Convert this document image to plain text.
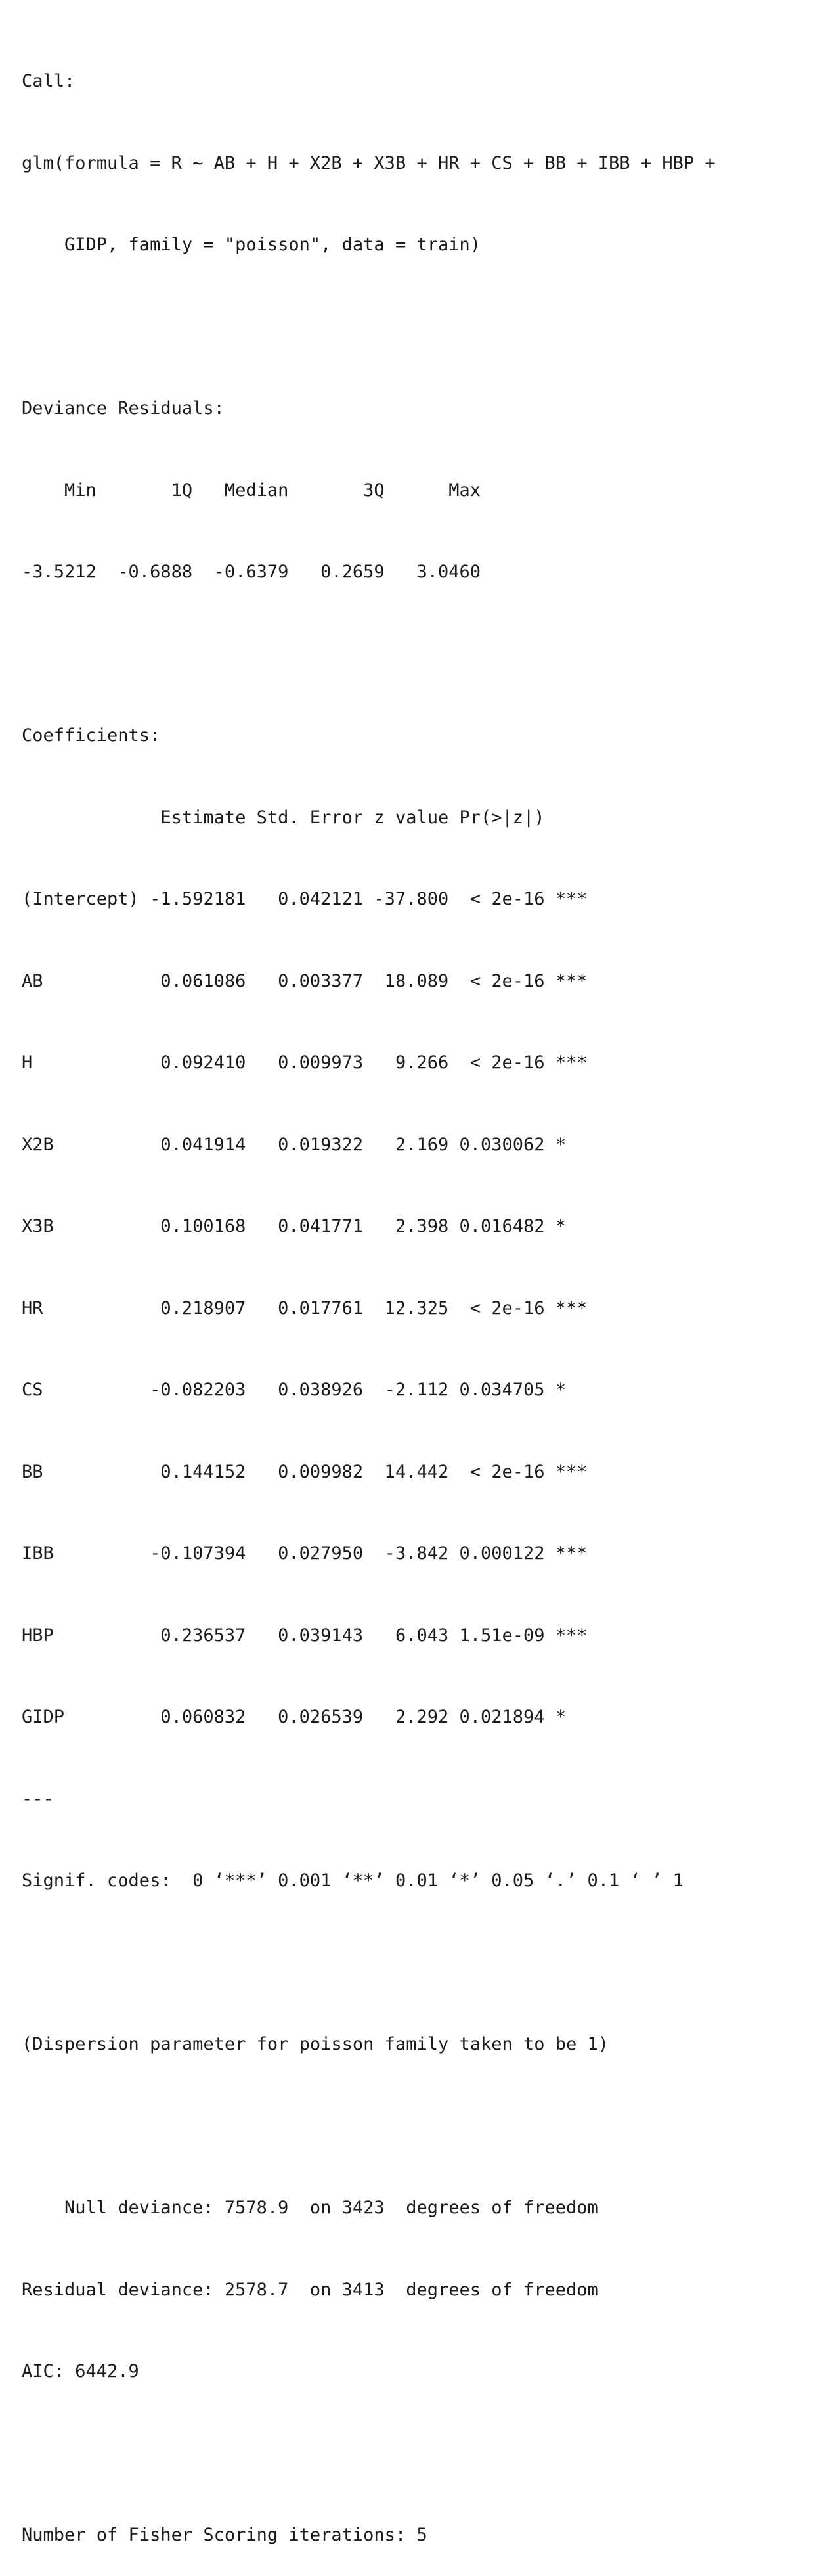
Call:

glm(formula = R ~ AB + H + X2B + X3B + HR + CS + BB + IBB + HBP +

GIDP, family = "poisson", data = train)

Deviance Residuals:

Min       1Q   Median       3Q      Max

-3.5212  -0.6888  -0.6379   0.2659   3.0460

Coefficients:

Estimate Std. Error z value Pr(>|z|)

(Intercept) -1.592181   0.042121 -37.800  < 2e-16 ***

AB           0.061086   0.003377  18.089  < 2e-16 ***

H            0.092410   0.009973   9.266  < 2e-16 ***

X2B          0.041914   0.019322   2.169 0.030062 *

X3B          0.100168   0.041771   2.398 0.016482 *

HR           0.218907   0.017761  12.325  < 2e-16 ***

CS          -0.082203   0.038926  -2.112 0.034705 *

BB           0.144152   0.009982  14.442  < 2e-16 ***

IBB         -0.107394   0.027950  -3.842 0.000122 ***

HBP          0.236537   0.039143   6.043 1.51e-09 ***

GIDP         0.060832   0.026539   2.292 0.021894 *

---

Signif. codes:  0 ‘***’ 0.001 ‘**’ 0.01 ‘*’ 0.05 ‘.’ 0.1 ‘ ’ 1

(Dispersion parameter for poisson family taken to be 1)

Null deviance: 7578.9  on 3423  degrees of freedom

Residual deviance: 2578.7  on 3413  degrees of freedom

AIC: 6442.9

Number of Fisher Scoring iterations: 5
